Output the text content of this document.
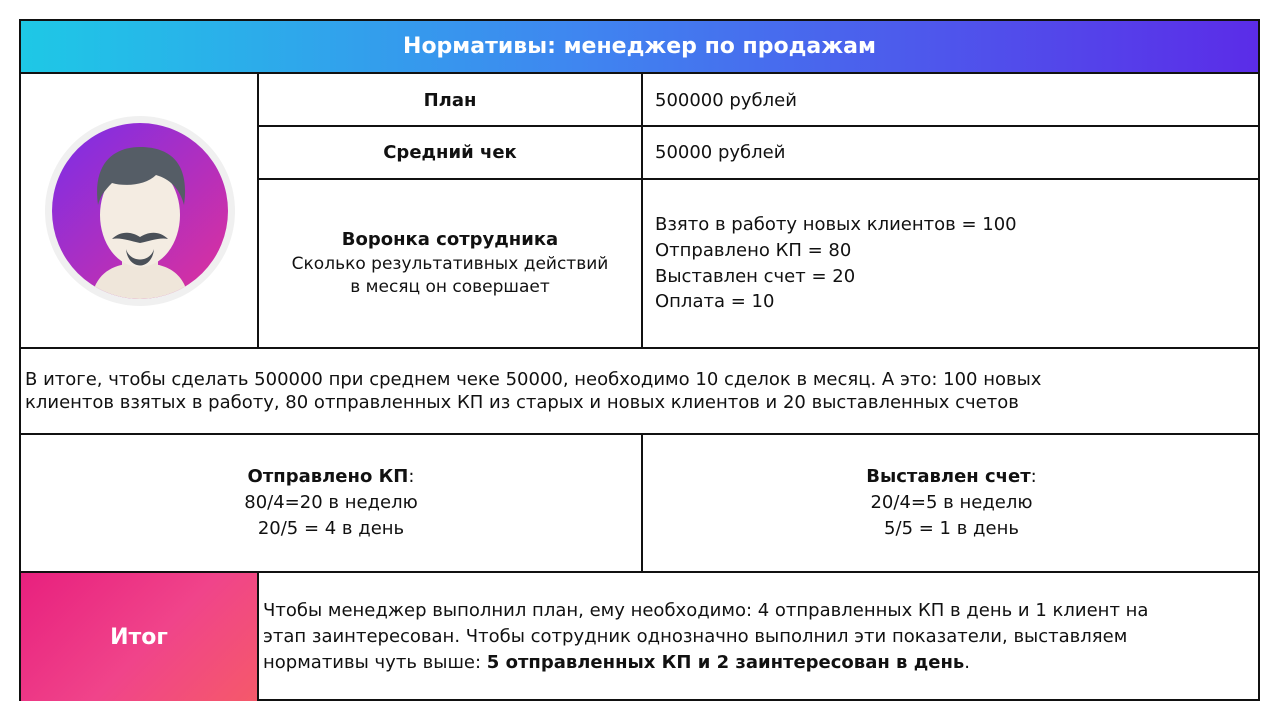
Нормативы: менеджер по продажам
План	500000 рублей
Средний чек	50000 рублей
Воронка сотрудника
Сколько результативных действий
в месяц он совершает
Взято в работу новых клиентов = 100
Отправлено КП = 80
Выставлен счет = 20
Оплата = 10
В итоге, чтобы сделать 500000 при среднем чеке 50000, необходимо 10 сделок в месяц. А это: 100 новых
клиентов взятых в работу, 80 отправленных КП из старых и новых клиентов и 20 выставленных счетов
Отправлено КП:
80/4=20 в неделю
20/5 = 4 в день
Выставлен счет:
20/4=5 в неделю
5/5 = 1 в день
Итог
Чтобы менеджер выполнил план, ему необходимо: 4 отправленных КП в день и 1 клиент на
этап заинтересован. Чтобы сотрудник однозначно выполнил эти показатели, выставляем
нормативы чуть выше: 5 отправленных КП и 2 заинтересован в день.
